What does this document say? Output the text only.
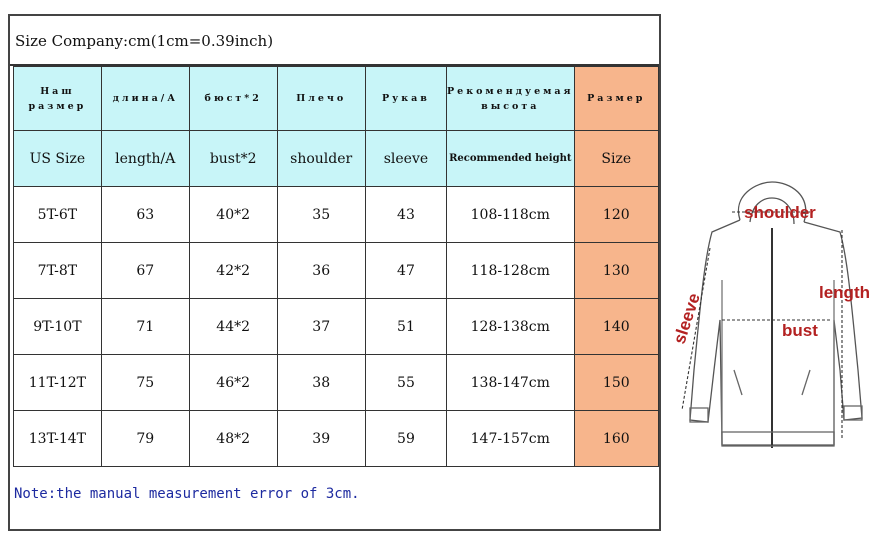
Size Company:cm(1cm=0.39inch)
Наш размер	длина/А	бюст*2	Плечо	Рукав	Рекомендуемая высота	Размер
US Size	length/A	bust*2	shoulder	sleeve	Recommended height	Size
5T-6T	63	40*2	35	43	108-118cm	120
7T-8T	67	42*2	36	47	118-128cm	130
9T-10T	71	44*2	37	51	128-138cm	140
11T-12T	75	46*2	38	55	138-147cm	150
13T-14T	79	48*2	39	59	147-157cm	160
Note:the manual measurement error of 3cm.
shoulder
length
bust
sleeve
